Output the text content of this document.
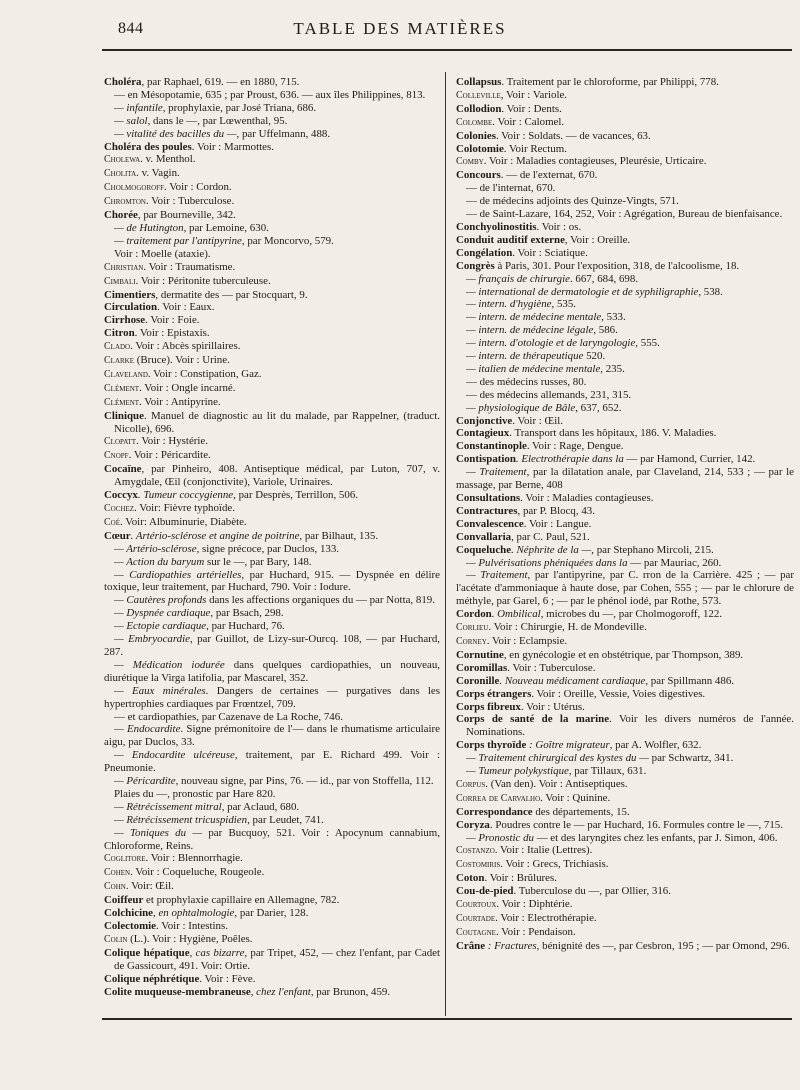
844	TABLE DES MATIÈRES

Choléra, par Raphael, 619. — en 1880, 715.

— en Mésopotamie, 635 ; par Proust, 636. — aux îles Philippines, 813.

— infantile, prophylaxie, par José Triana, 686.

— salol, dans le —, par Lœwenthal, 95.

— vitalité des bacilles du —, par Uffelmann, 488.

Choléra des poules. Voir : Marmottes.

Cholewa. v. Menthol.

Cholita. v. Vagin.

Cholmogoroff. Voir : Cordon.

Chromton. Voir : Tuberculose.

Chorée, par Bourneville, 342.

— de Hutington, par Lemoine, 630.

— traitement par l'antipyrine, par Moncorvo, 579.

Voir : Moelle (ataxie).

Christian. Voir : Traumatisme.

Cimbali. Voir : Péritonite tuberculeuse.

Cimentiers, dermatite des — par Stocquart, 9.

Circulation. Voir : Eaux.

Cirrhose. Voir : Foie.

Citron. Voir : Epistaxis.

Clado. Voir : Abcès spirillaires.

Clarke (Bruce). Voir : Urine.

Claveland. Voir : Constipation, Gaz.

Clément. Voir : Ongle incarné.

Clément. Voir : Antipyrine.

Clinique. Manuel de diagnostic au lit du malade, par Rappelner, (traduct. Nicolle), 696.

Clopatt. Voir : Hystérie.

Cnopf. Voir : Péricardite.

Cocaïne, par Pinheiro, 408. Antiseptique médical, par Luton, 707, v. Amygdale, Œil (conjonctivite), Variole, Urinaires.

Coccyx. Tumeur coccygienne, par Desprès, Terrillon, 506.

Cochez. Voir: Fièvre typhoïde.

Coé. Voir: Albuminurie, Diabète.

Cœur. Artério-sclérose et angine de poitrine, par Bilhaut, 135.

— Artério-sclérose, signe précoce, par Duclos, 133.

— Action du baryum sur le —, par Bary, 148.

— Cardiopathies artérielles, par Huchard, 915. — Dyspnée en délire toxique, leur traitement, par Huchard, 790. Voir : Iodure.

— Cautères profonds dans les affections organiques du — par Notta, 819.

— Dyspnée cardiaque, par Bsach, 298.

— Ectopie cardiaque, par Huchard, 76.

— Embryocardie, par Guillot, de Lizy-sur-Ourcq. 108, — par Huchard, 287.

— Médication iodurée dans quelques cardiopathies, un nouveau, diurétique la Virga latifolia, par Mascarel, 352.

— Eaux minérales. Dangers de certaines — purgatives dans les hypertrophies cardiaques par Frœntzel, 709.

— et cardiopathies, par Cazenave de La Roche, 746.

— Endocardite. Signe prémonitoire de l'— dans le rhumatisme articulaire aigu, par Duclos, 33.

— Endocardite ulcéreuse, traitement, par E. Richard 499. Voir : Pneumonie.

— Péricardite, nouveau signe, par Pins, 76. — id., par von Stoffella, 112.

Plaies du —, pronostic par Hare 820.

— Rétrécissement mitral, par Aclaud, 680.

— Rétrécissement tricuspidien, par Leudet, 741.

— Toniques du — par Bucquoy, 521. Voir : Apocynum cannabium, Chloroforme, Reins.

Coglitore. Voir : Blennorrhagie.

Cohen. Voir : Coqueluche, Rougeole.

Cohn. Voir: Œil.

Coiffeur et prophylaxie capillaire en Allemagne, 782.

Colchicine, en ophtalmologie, par Darier, 128.

Colectomie. Voir : Intestins.

Colin (L.). Voir : Hygiène, Poêles.

Colique hépatique, cas bizarre, par Tripet, 452, — chez l'enfant, par Cadet de Gassicourt, 491. Voir: Ortie.

Colique néphrétique. Voir : Fève.

Colite muqueuse-membraneuse, chez l'enfant, par Brunon, 459.

Collapsus. Traitement par le chloroforme, par Philippi, 778.

Colleville, Voir : Variole.

Collodion. Voir : Dents.

Colombe. Voir : Calomel.

Colonies. Voir : Soldats. — de vacances, 63.

Colotomie. Voir Rectum.

Comby. Voir : Maladies contagieuses, Pleurésie, Urticaire.

Concours. — de l'externat, 670.

— de l'internat, 670.

— de médecins adjoints des Quinze-Vingts, 571.

— de Saint-Lazare, 164, 252, Voir : Agrégation, Bureau de bienfaisance.

Conchyolinostitis. Voir : os.

Conduit auditif externe, Voir : Oreille.

Congélation. Voir : Sciatique.

Congrès à Paris, 301. Pour l'exposition, 318, de l'alcoolisme, 18.

— français de chirurgie. 667, 684, 698.

— international de dermatologie et de syphiligraphie, 538.

— intern. d'hygiène, 535.

— intern. de médecine mentale, 533.

— intern. de médecine légale, 586.

— intern. d'otologie et de laryngologie, 555.

— intern. de thérapeutique 520.

— italien de médecine mentale, 235.

— des médecins russes, 80.

— des médecins allemands, 231, 315.

— physiologique de Bâle, 637, 652.

Conjonctive. Voir : Œil.

Contagieux. Transport dans les hôpitaux, 186. V. Maladies.

Constantinople. Voir : Rage, Dengue.

Contispation. Electrothérapie dans la — par Hamond, Currier, 142.

— Traitement, par la dilatation anale, par Claveland, 214, 533 ; — par le massage, par Berne, 408

Consultations. Voir : Maladies contagieuses.

Contractures, par P. Blocq, 43.

Convalescence. Voir : Langue.

Convallaria, par C. Paul, 521.

Coqueluche. Néphrite de la —, par Stephano Mircoli, 215.

— Pulvérisations phéniquées dans la — par Mauriac, 260.

— Traitement, par l'antipyrine, par C. rron de la Carrière. 425 ; — par l'acétate d'ammoniaque à haute dose, par Cohen, 555 ; — par le chlorure de méthyle, par Garel, 6 ; — par le phénol iodé, par Rothe, 573.

Cordon. Ombilical, microbes du —, par Cholmogoroff, 122.

Corlieu. Voir : Chirurgie, H. de Mondeville.

Corney. Voir : Eclampsie.

Cornutine, en gynécologie et en obstétrique, par Thompson, 389.

Coromillas. Voir : Tuberculose.

Coronille. Nouveau médicament cardiaque, par Spillmann 486.

Corps étrangers. Voir : Oreille, Vessie, Voies digestives.

Corps fibreux. Voir : Utérus.

Corps de santé de la marine. Voir les divers numéros de l'année. Nominations.

Corps thyroïde : Goître migrateur, par A. Wolfler, 632.

— Traitement chirurgical des kystes du — par Schwartz, 341.

— Tumeur polykystique, par Tillaux, 631.

Corpus. (Van den). Voir : Antiseptiques.

Correa de Carvalho. Voir : Quinine.

Correspondance des départements, 15.

Coryza. Poudres contre le — par Huchard, 16. Formules contre le —, 715.

— Pronostic du — et des laryngites chez les enfants, par J. Simon, 406.

Costanzo. Voir : Italie (Lettres).

Costomiris. Voir : Grecs, Trichiasis.

Coton. Voir : Brûlures.

Cou-de-pied. Tuberculose du —, par Ollier, 316.

Courtoux. Voir : Diphtérie.

Courtade. Voir : Electrothérapie.

Coutagne. Voir : Pendaison.

Crâne : Fractures, bénignité des —, par Cesbron, 195 ; — par Omond, 296.
